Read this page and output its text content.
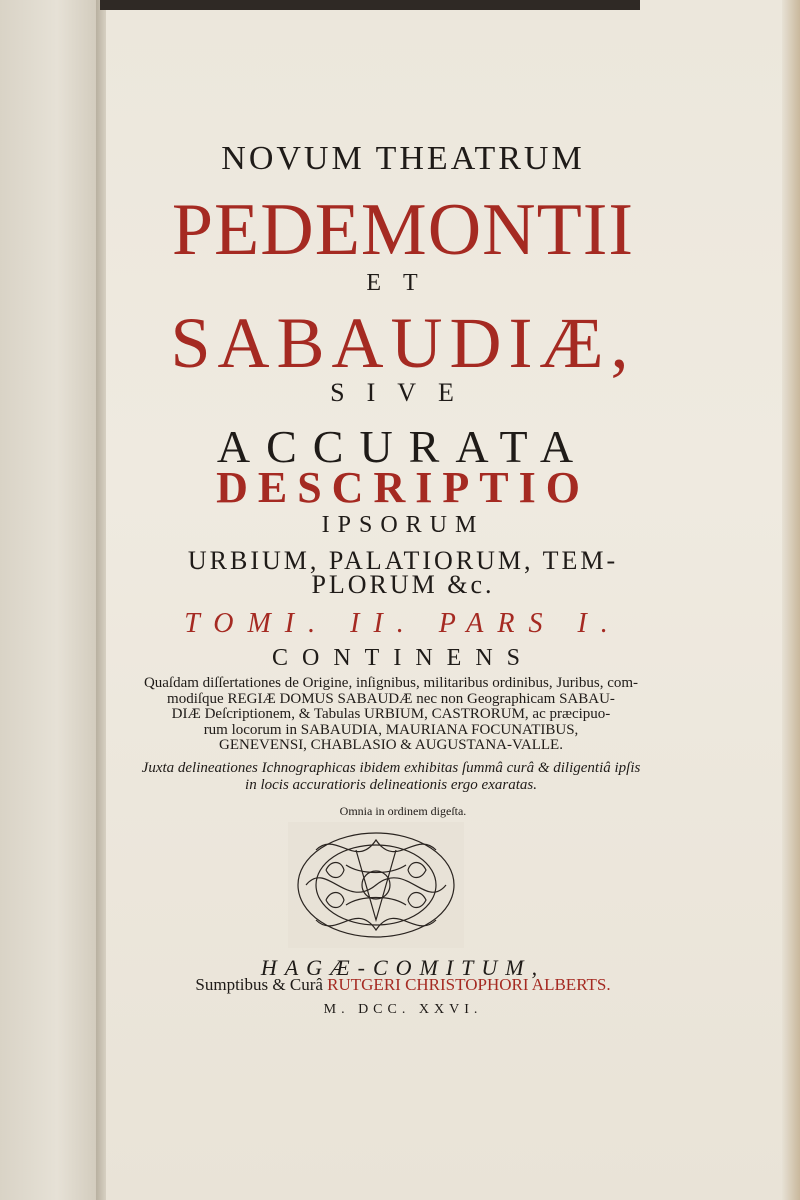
NOVUM THEATRUM
PEDEMONTII
ET
SABAUDIÆ,
SIVE
ACCURATA
DESCRIPTIO
IPSORUM
URBIUM, PALATIORUM, TEM-
PLORUM &c.
TOMI. II. PARS I.
CONTINENS
Quaſdam diſſertationes de Origine, inſignibus, militaribus ordinibus, Juribus, com-
modiſque REGIÆ DOMUS SABAUDÆ nec non Geographicam SABAU-
DIÆ Deſcriptionem, & Tabulas URBIUM, CASTRORUM, ac præcipuo-
rum locorum in SABAUDIA, MAURIANA FOCUNATIBUS,
GENEVENSI, CHABLASIO & AUGUSTANA-VALLE.
Juxta delineationes Ichnographicas ibidem exhibitas ſummâ curâ & diligentiâ ipſis
in locis accuratioris delineationis ergo exaratas.
Omnia in ordinem digeſta.
HAGÆ-COMITUM,
Sumptibus & Curâ RUTGERI CHRISTOPHORI ALBERTS.
M. DCC. XXVI.
